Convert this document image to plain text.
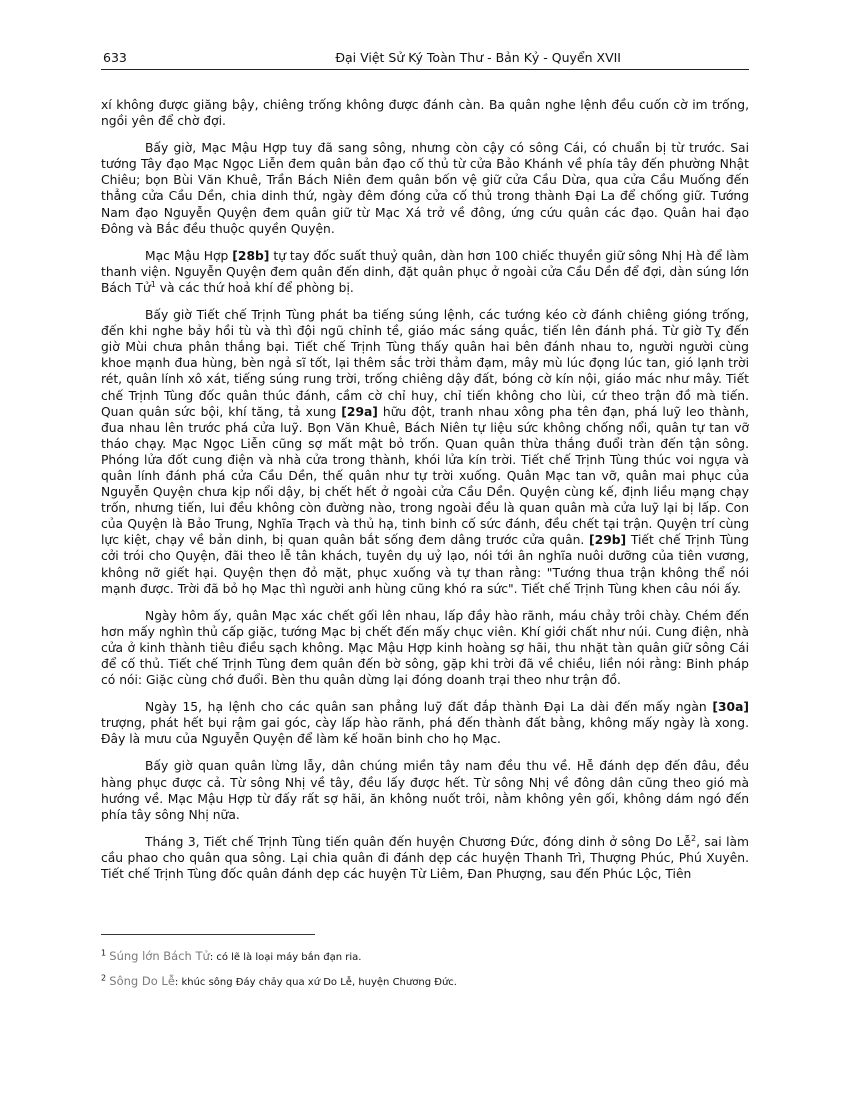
633	Đại Việt Sử Ký Toàn Thư - Bản Kỷ - Quyển XVII

xí không được giăng bậy, chiêng trống không được đánh càn. Ba quân nghe lệnh đều cuốn cờ im trống, ngồi yên để chờ đợi.

Bấy giờ, Mạc Mậu Hợp tuy đã sang sông, nhưng còn cậy có sông Cái, có chuẩn bị từ trước. Sai tướng Tây đạo Mạc Ngọc Liễn đem quân bản đạo cố thủ từ cửa Bảo Khánh về phía tây đến phường Nhật Chiêu; bọn Bùi Văn Khuê, Trần Bách Niên đem quân bốn vệ giữ cửa Cầu Dừa, qua cửa Cầu Muống đến thẳng cửa Cầu Dền, chia dinh thứ, ngày đêm đóng cửa cố thủ trong thành Đại La để chống giữ. Tướng Nam đạo Nguyễn Quyện đem quân giữ từ Mạc Xá trở về đông, ứng cứu quân các đạo. Quân hai đạo Đông và Bắc đều thuộc quyền Quyện.

Mạc Mậu Hợp [28b] tự tay đốc suất thuỷ quân, dàn hơn 100 chiếc thuyền giữ sông Nhị Hà để làm thanh viện. Nguyễn Quyện đem quân đến dinh, đặt quân phục ở ngoài cửa Cầu Dền để đợi, dàn súng lớn Bách Tử$^1$ và các thứ hoả khí để phòng bị.

Bấy giờ Tiết chế Trịnh Tùng phát ba tiếng súng lệnh, các tướng kéo cờ đánh chiêng gióng trống, đến khi nghe bảy hồi tù và thì đội ngũ chỉnh tề, giáo mác sáng quắc, tiến lên đánh phá. Từ giờ Tỵ đến giờ Mùi chưa phân thắng bại. Tiết chế Trịnh Tùng thấy quân hai bên đánh nhau to, người người cùng khoe mạnh đua hùng, bèn ngả sĩ tốt, lại thêm sắc trời thảm đạm, mây mù lúc đọng lúc tan, gió lạnh trời rét, quân lính xô xát, tiếng súng rung trời, trống chiêng dậy đất, bóng cờ kín nội, giáo mác như mây. Tiết chế Trịnh Tùng đốc quân thúc đánh, cầm cờ chỉ huy, chỉ tiến không cho lùi, cứ theo trận đồ mà tiến. Quan quân sức bội, khí tăng, tả xung [29a] hữu đột, tranh nhau xông pha tên đạn, phá luỹ leo thành, đua nhau lên trước phá cửa luỹ. Bọn Văn Khuê, Bách Niên tự liệu sức không chống nổi, quân tự tan vỡ tháo chạy. Mạc Ngọc Liễn cũng sợ mất mật bỏ trốn. Quan quân thừa thắng đuổi tràn đến tận sông. Phóng lửa đốt cung điện và nhà cửa trong thành, khói lửa kín trời. Tiết chế Trịnh Tùng thúc voi ngựa và quân lính đánh phá cửa Cầu Dền, thế quân như tự trời xuống. Quân Mạc tan vỡ, quân mai phục của Nguyễn Quyện chưa kịp nổi dậy, bị chết hết ở ngoài cửa Cầu Dền. Quyện cùng kế, định liều mạng chạy trốn, nhưng tiến, lui đều không còn đường nào, trong ngoài đều là quan quân mà cửa luỹ lại bị lấp. Con của Quyện là Bảo Trung, Nghĩa Trạch và thủ hạ, tinh binh cố sức đánh, đều chết tại trận. Quyện trí cùng lực kiệt, chạy về bản dinh, bị quan quân bắt sống đem dâng trước cửa quân. [29b] Tiết chế Trịnh Tùng cởi trói cho Quyện, đãi theo lễ tân khách, tuyên dụ uỷ lạo, nói tới ân nghĩa nuôi dưỡng của tiên vương, không nỡ giết hại. Quyện thẹn đỏ mặt, phục xuống và tự than rằng: "Tướng thua trận không thể nói mạnh được. Trời đã bỏ họ Mạc thì người anh hùng cũng khó ra sức". Tiết chế Trịnh Tùng khen câu nói ấy.

Ngày hôm ấy, quân Mạc xác chết gối lên nhau, lấp đầy hào rãnh, máu chảy trôi chày. Chém đến hơn mấy nghìn thủ cấp giặc, tướng Mạc bị chết đến mấy chục viên. Khí giới chất như núi. Cung điện, nhà cửa ở kinh thành tiêu điều sạch không. Mạc Mậu Hợp kinh hoàng sợ hãi, thu nhặt tàn quân giữ sông Cái để cố thủ. Tiết chế Trịnh Tùng đem quân đến bờ sông, gặp khi trời đã về chiều, liền nói rằng: Binh pháp có nói: Giặc cùng chớ đuổi. Bèn thu quân dừng lại đóng doanh trại theo như trận đồ.

Ngày 15, hạ lệnh cho các quân san phẳng luỹ đất đắp thành Đại La dài đến mấy ngàn [30a] trượng, phát hết bụi rậm gai góc, cày lấp hào rãnh, phá đến thành đất bằng, không mấy ngày là xong. Đây là mưu của Nguyễn Quyện để làm kế hoãn binh cho họ Mạc.

Bấy giờ quan quân lừng lẫy, dân chúng miền tây nam đều thu về. Hễ đánh dẹp đến đâu, đều hàng phục được cả. Từ sông Nhị về tây, đều lấy được hết. Từ sông Nhị về đông dân cũng theo gió mà hướng về. Mạc Mậu Hợp từ đấy rất sợ hãi, ăn không nuốt trôi, nằm không yên gối, không dám ngó đến phía tây sông Nhị nữa.

Tháng 3, Tiết chế Trịnh Tùng tiến quân đến huyện Chương Đức, đóng dinh ở sông Do Lễ$^2$, sai làm cầu phao cho quân qua sông. Lại chia quân đi đánh dẹp các huyện Thanh Trì, Thượng Phúc, Phú Xuyên. Tiết chế Trịnh Tùng đốc quân đánh dẹp các huyện Từ Liêm, Đan Phượng, sau đến Phúc Lộc, Tiên

$^1$ Súng lớn Bách Tử: có lẽ là loại máy bắn đạn ria.
$^2$ Sông Do Lễ: khúc sông Đáy chảy qua xứ Do Lễ, huyện Chương Đức.
